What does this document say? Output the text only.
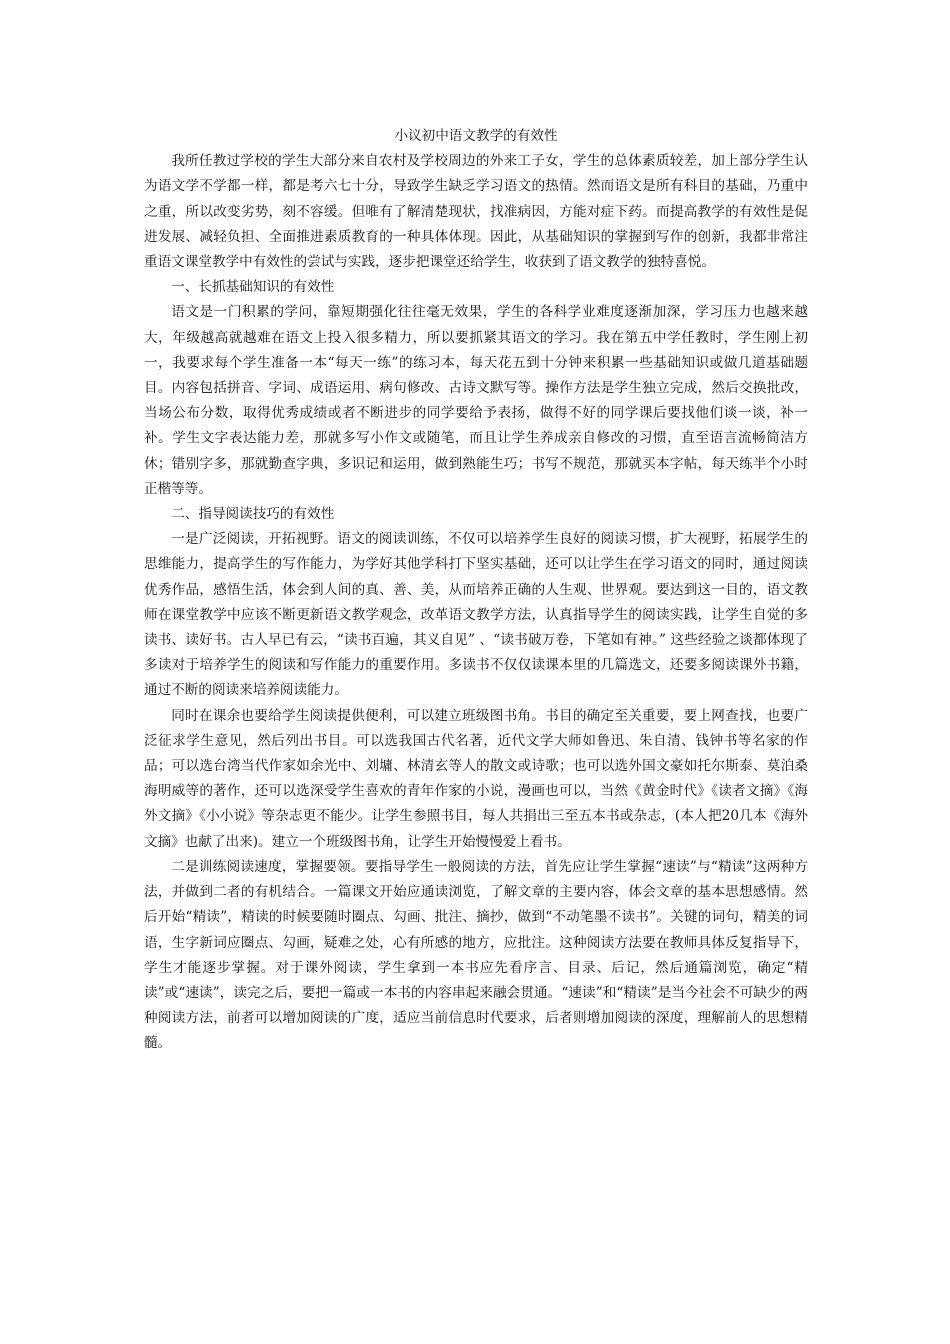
小议初中语文教学的有效性

我所任教过学校的学生大部分来自农村及学校周边的外来工子女，学生的总体素质较差，加上部分学生认为语文学不学都一样，都是考六七十分，导致学生缺乏学习语文的热情。然而语文是所有科目的基础，乃重中之重，所以改变劣势，刻不容缓。但唯有了解清楚现状，找准病因，方能对症下药。而提高教学的有效性是促进发展、减轻负担、全面推进素质教育的一种具体体现。因此，从基础知识的掌握到写作的创新，我都非常注重语文课堂教学中有效性的尝试与实践，逐步把课堂还给学生，收获到了语文教学的独特喜悦。

一、长抓基础知识的有效性

语文是一门积累的学问，靠短期强化往往毫无效果，学生的各科学业难度逐渐加深，学习压力也越来越大，年级越高就越难在语文上投入很多精力，所以要抓紧其语文的学习。我在第五中学任教时，学生刚上初一，我要求每个学生准备一本“每天一练”的练习本，每天花五到十分钟来积累一些基础知识或做几道基础题目。内容包括拼音、字词、成语运用、病句修改、古诗文默写等。操作方法是学生独立完成，然后交换批改，当场公布分数，取得优秀成绩或者不断进步的同学要给予表扬，做得不好的同学课后要找他们谈一谈，补一补。学生文字表达能力差，那就多写小作文或随笔，而且让学生养成亲自修改的习惯，直至语言流畅简洁方休；错别字多，那就勤查字典，多识记和运用，做到熟能生巧；书写不规范，那就买本字帖，每天练半个小时正楷等等。

二、指导阅读技巧的有效性

一是广泛阅读，开拓视野。语文的阅读训练，不仅可以培养学生良好的阅读习惯，扩大视野，拓展学生的思维能力，提高学生的写作能力，为学好其他学科打下坚实基础，还可以让学生在学习语文的同时，通过阅读优秀作品，感悟生活，体会到人间的真、善、美，从而培养正确的人生观、世界观。要达到这一目的，语文教师在课堂教学中应该不断更新语文教学观念，改革语文教学方法，认真指导学生的阅读实践，让学生自觉的多读书、读好书。古人早已有云，“读书百遍，其义自见” 、“读书破万卷，下笔如有神。” 这些经验之谈都体现了多读对于培养学生的阅读和写作能力的重要作用。多读书不仅仅读课本里的几篇选文，还要多阅读课外书籍，通过不断的阅读来培养阅读能力。

同时在课余也要给学生阅读提供便利，可以建立班级图书角。书目的确定至关重要，要上网查找，也要广泛征求学生意见，然后列出书目。可以选我国古代名著，近代文学大师如鲁迅、朱自清、钱钟书等名家的作品；可以选台湾当代作家如余光中、刘墉、林清玄等人的散文或诗歌；也可以选外国文豪如托尔斯泰、莫泊桑海明威等的著作，还可以选深受学生喜欢的青年作家的小说，漫画也可以，当然《黄金时代》《读者文摘》《海外文摘》《小小说》等杂志更不能少。让学生参照书目，每人共捐出三至五本书或杂志，(本人把20几本《海外文摘》也献了出来)。建立一个班级图书角，让学生开始慢慢爱上看书。

二是训练阅读速度，掌握要领。要指导学生一般阅读的方法，首先应让学生掌握“速读”与“精读”这两种方法，并做到二者的有机结合。一篇课文开始应通读浏览，了解文章的主要内容，体会文章的基本思想感情。然后开始“精读”，精读的时候要随时圈点、勾画、批注、摘抄，做到“不动笔墨不读书”。关键的词句，精美的词语，生字新词应圈点、勾画，疑难之处，心有所感的地方，应批注。这种阅读方法要在教师具体反复指导下，学生才能逐步掌握。对于课外阅读，学生拿到一本书应先看序言、目录、后记，然后通篇浏览，确定“精读”或“速读”，读完之后，要把一篇或一本书的内容串起来融会贯通。“速读”和“精读”是当今社会不可缺少的两种阅读方法，前者可以增加阅读的广度，适应当前信息时代要求，后者则增加阅读的深度，理解前人的思想精髓。
